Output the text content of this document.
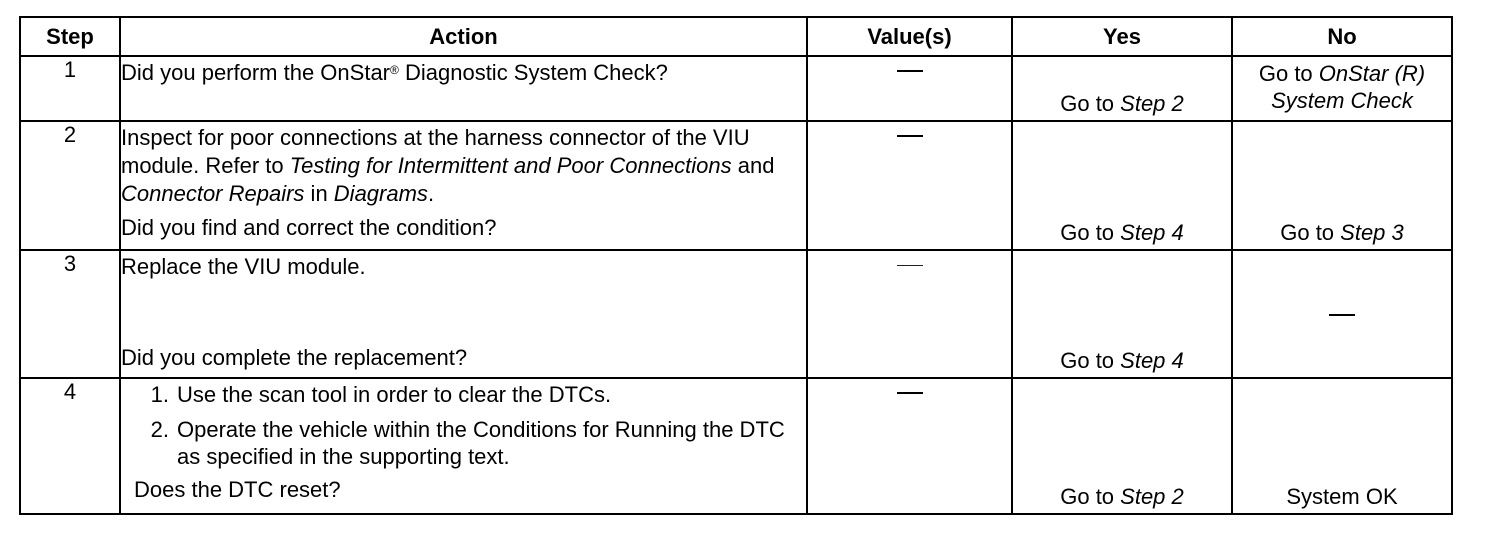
Step	Action	Value(s)	Yes	No
1	Did you perform the OnStar® Diagnostic System Check?		Go to Step 2	Go to OnStar (R)
System Check

2	Inspect for poor connections at the harness connector of the VIU module. Refer to Testing for Intermittent and Poor Connections and Connector Repairs in Diagrams.
Did you find and correct the condition?		Go to Step 4	Go to Step 3

3	Replace the VIU module.
Did you complete the replacement?		Go to Step 4	

4	1. Use the scan tool in order to clear the DTCs.
2. Operate the vehicle within the Conditions for Running the DTC as specified in the supporting text.
Does the DTC reset?		Go to Step 2	System OK
